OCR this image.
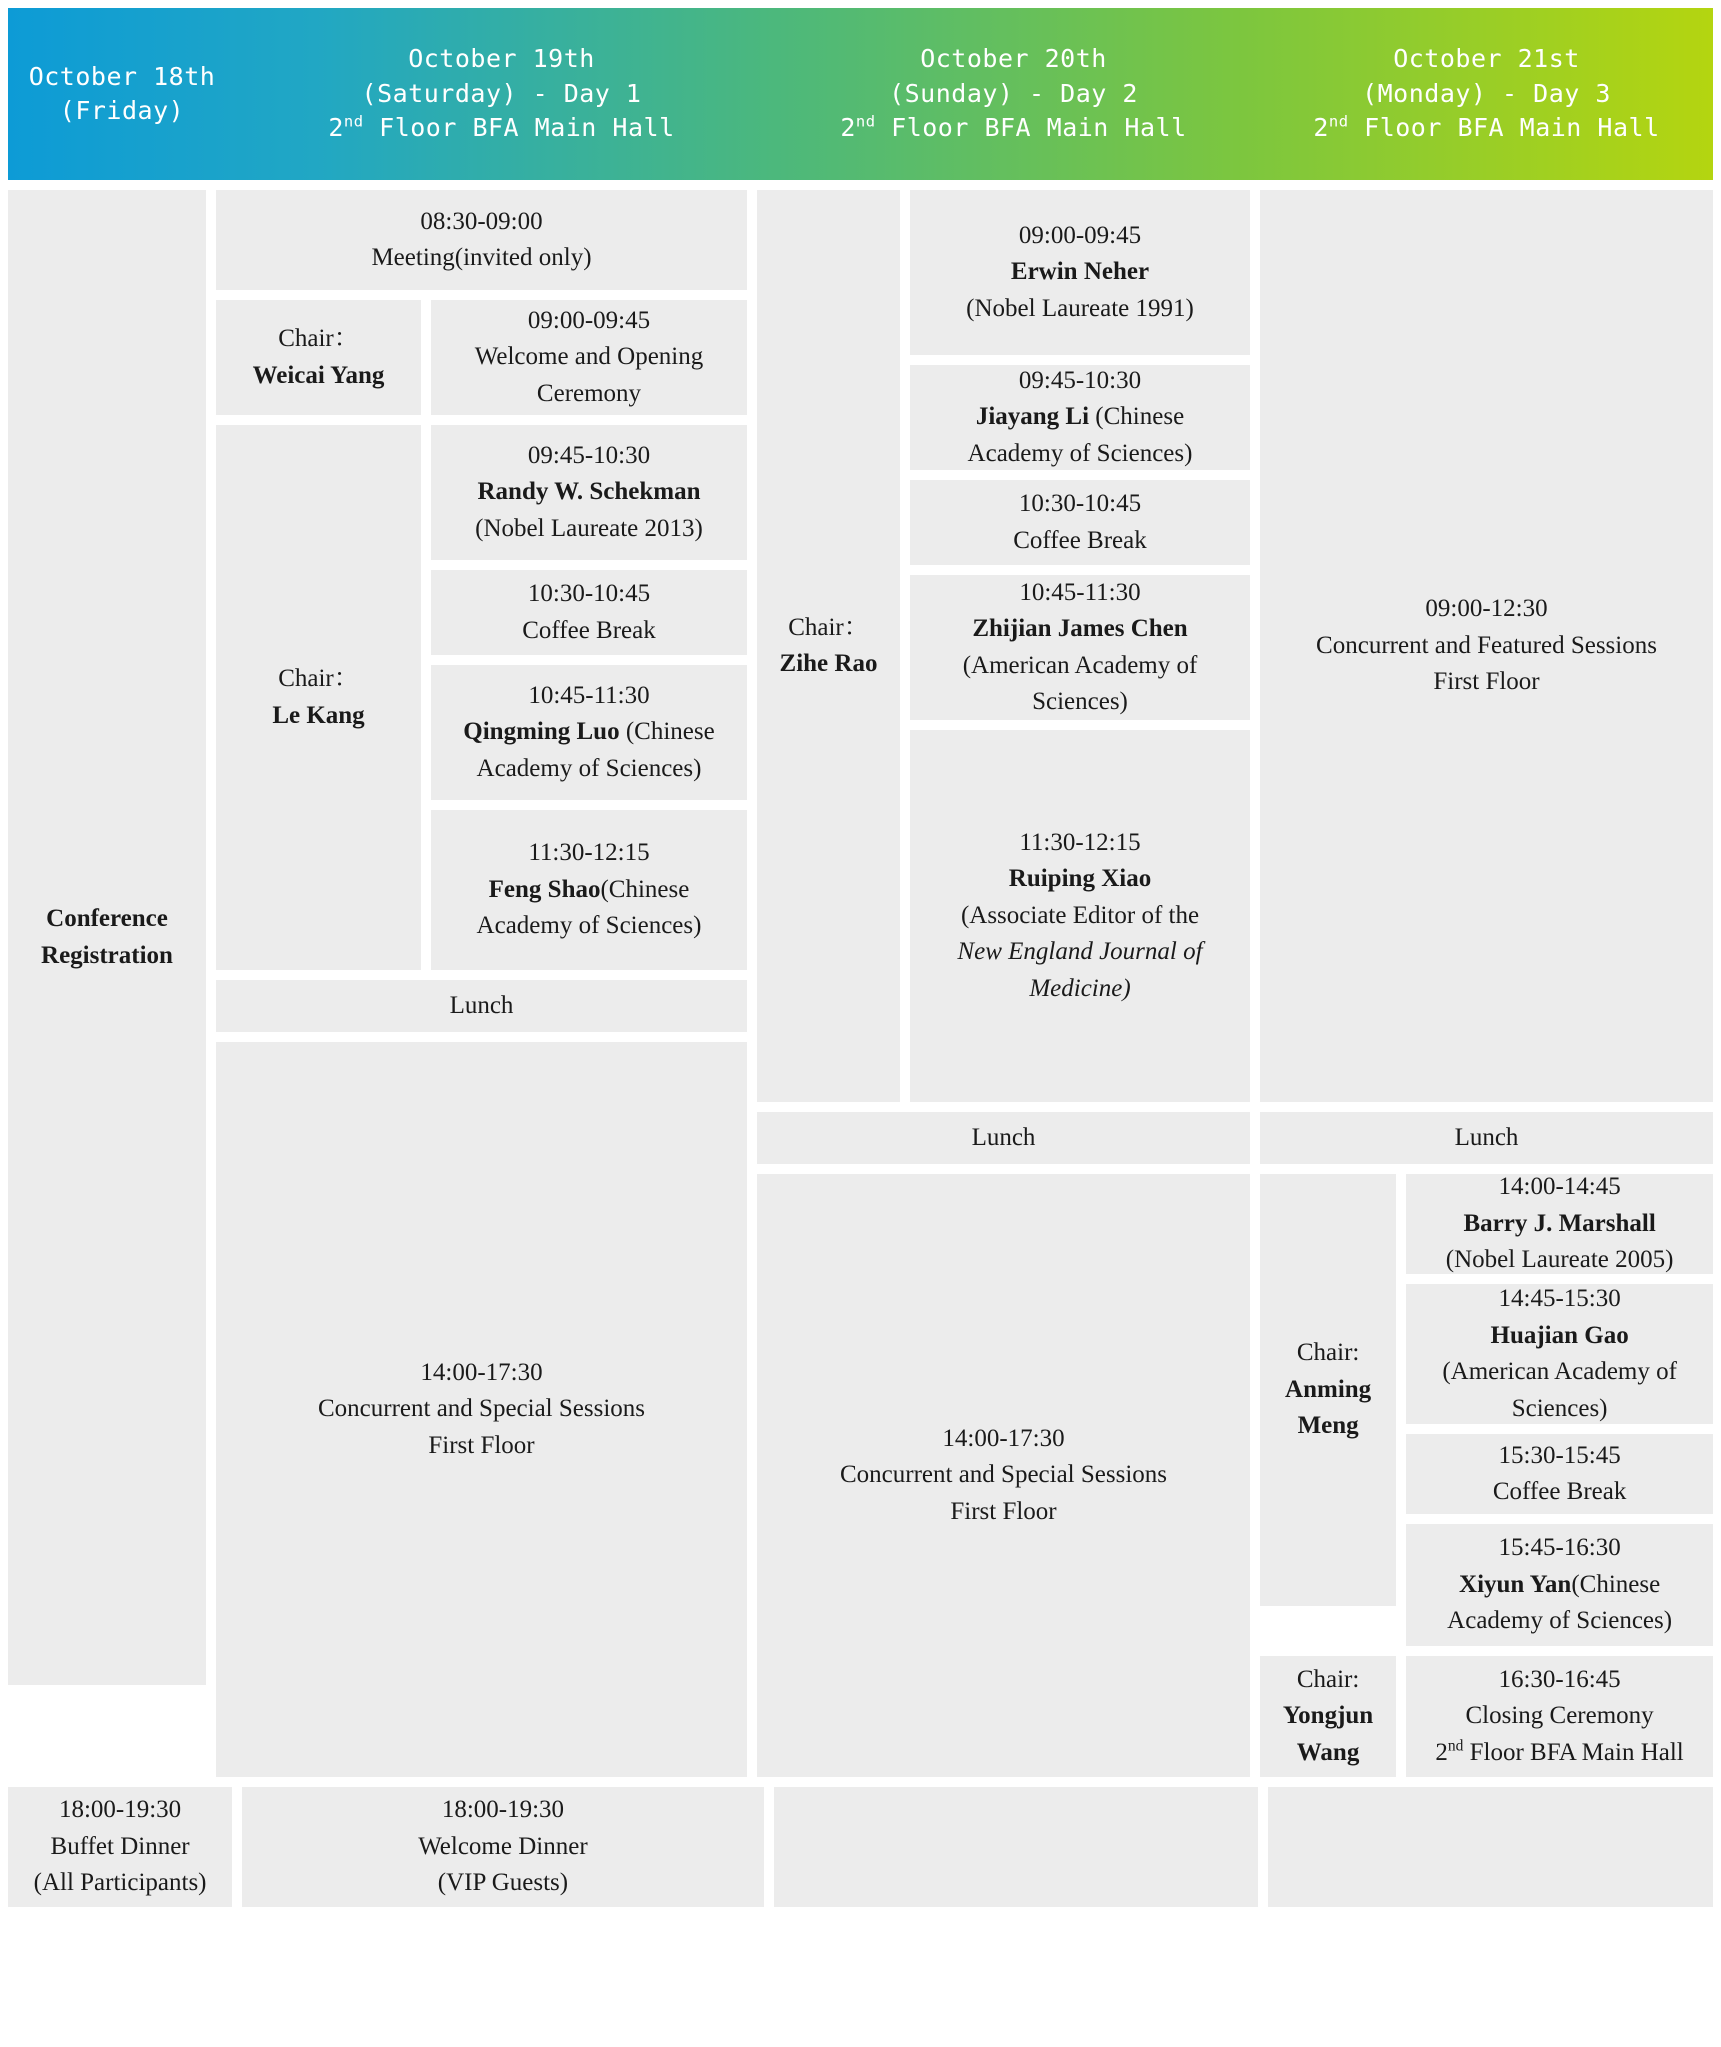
October 18th
(Friday)
October 19th
(Saturday) - Day 1
2nd Floor BFA Main Hall
October 20th
(Sunday) - Day 2
2nd Floor BFA Main Hall
October 21st
(Monday) - Day 3
2nd Floor BFA Main Hall
Conference
Registration
08:30-09:00
Meeting(invited only)
Chair：
Weicai Yang
09:00-09:45
Welcome and Opening
Ceremony
Chair：
Le Kang
09:45-10:30
Randy W. Schekman
(Nobel Laureate 2013)
10:30-10:45
Coffee Break
10:45-11:30
Qingming Luo (Chinese
Academy of Sciences)
11:30-12:15
Feng Shao(Chinese
Academy of Sciences)
Lunch
14:00-17:30
Concurrent and Special Sessions
First Floor
Chair：
Zihe Rao
09:00-09:45
Erwin Neher
(Nobel Laureate 1991)
09:45-10:30
Jiayang Li (Chinese
Academy of Sciences)
10:30-10:45
Coffee Break
10:45-11:30
Zhijian James Chen
(American Academy of
Sciences)
11:30-12:15
Ruiping Xiao
(Associate Editor of the
New England Journal of
Medicine)
Lunch
14:00-17:30
Concurrent and Special Sessions
First Floor
09:00-12:30
Concurrent and Featured Sessions
First Floor
Lunch
Chair:
Anming
Meng
14:00-14:45
Barry J. Marshall
(Nobel Laureate 2005)
14:45-15:30
Huajian Gao
(American Academy of
Sciences)
15:30-15:45
Coffee Break
15:45-16:30
Xiyun Yan(Chinese
Academy of Sciences)
Chair:
Yongjun
Wang
16:30-16:45
Closing Ceremony
2nd Floor BFA Main Hall
18:00-19:30
Buffet Dinner
(All Participants)
18:00-19:30
Welcome Dinner
(VIP Guests)
